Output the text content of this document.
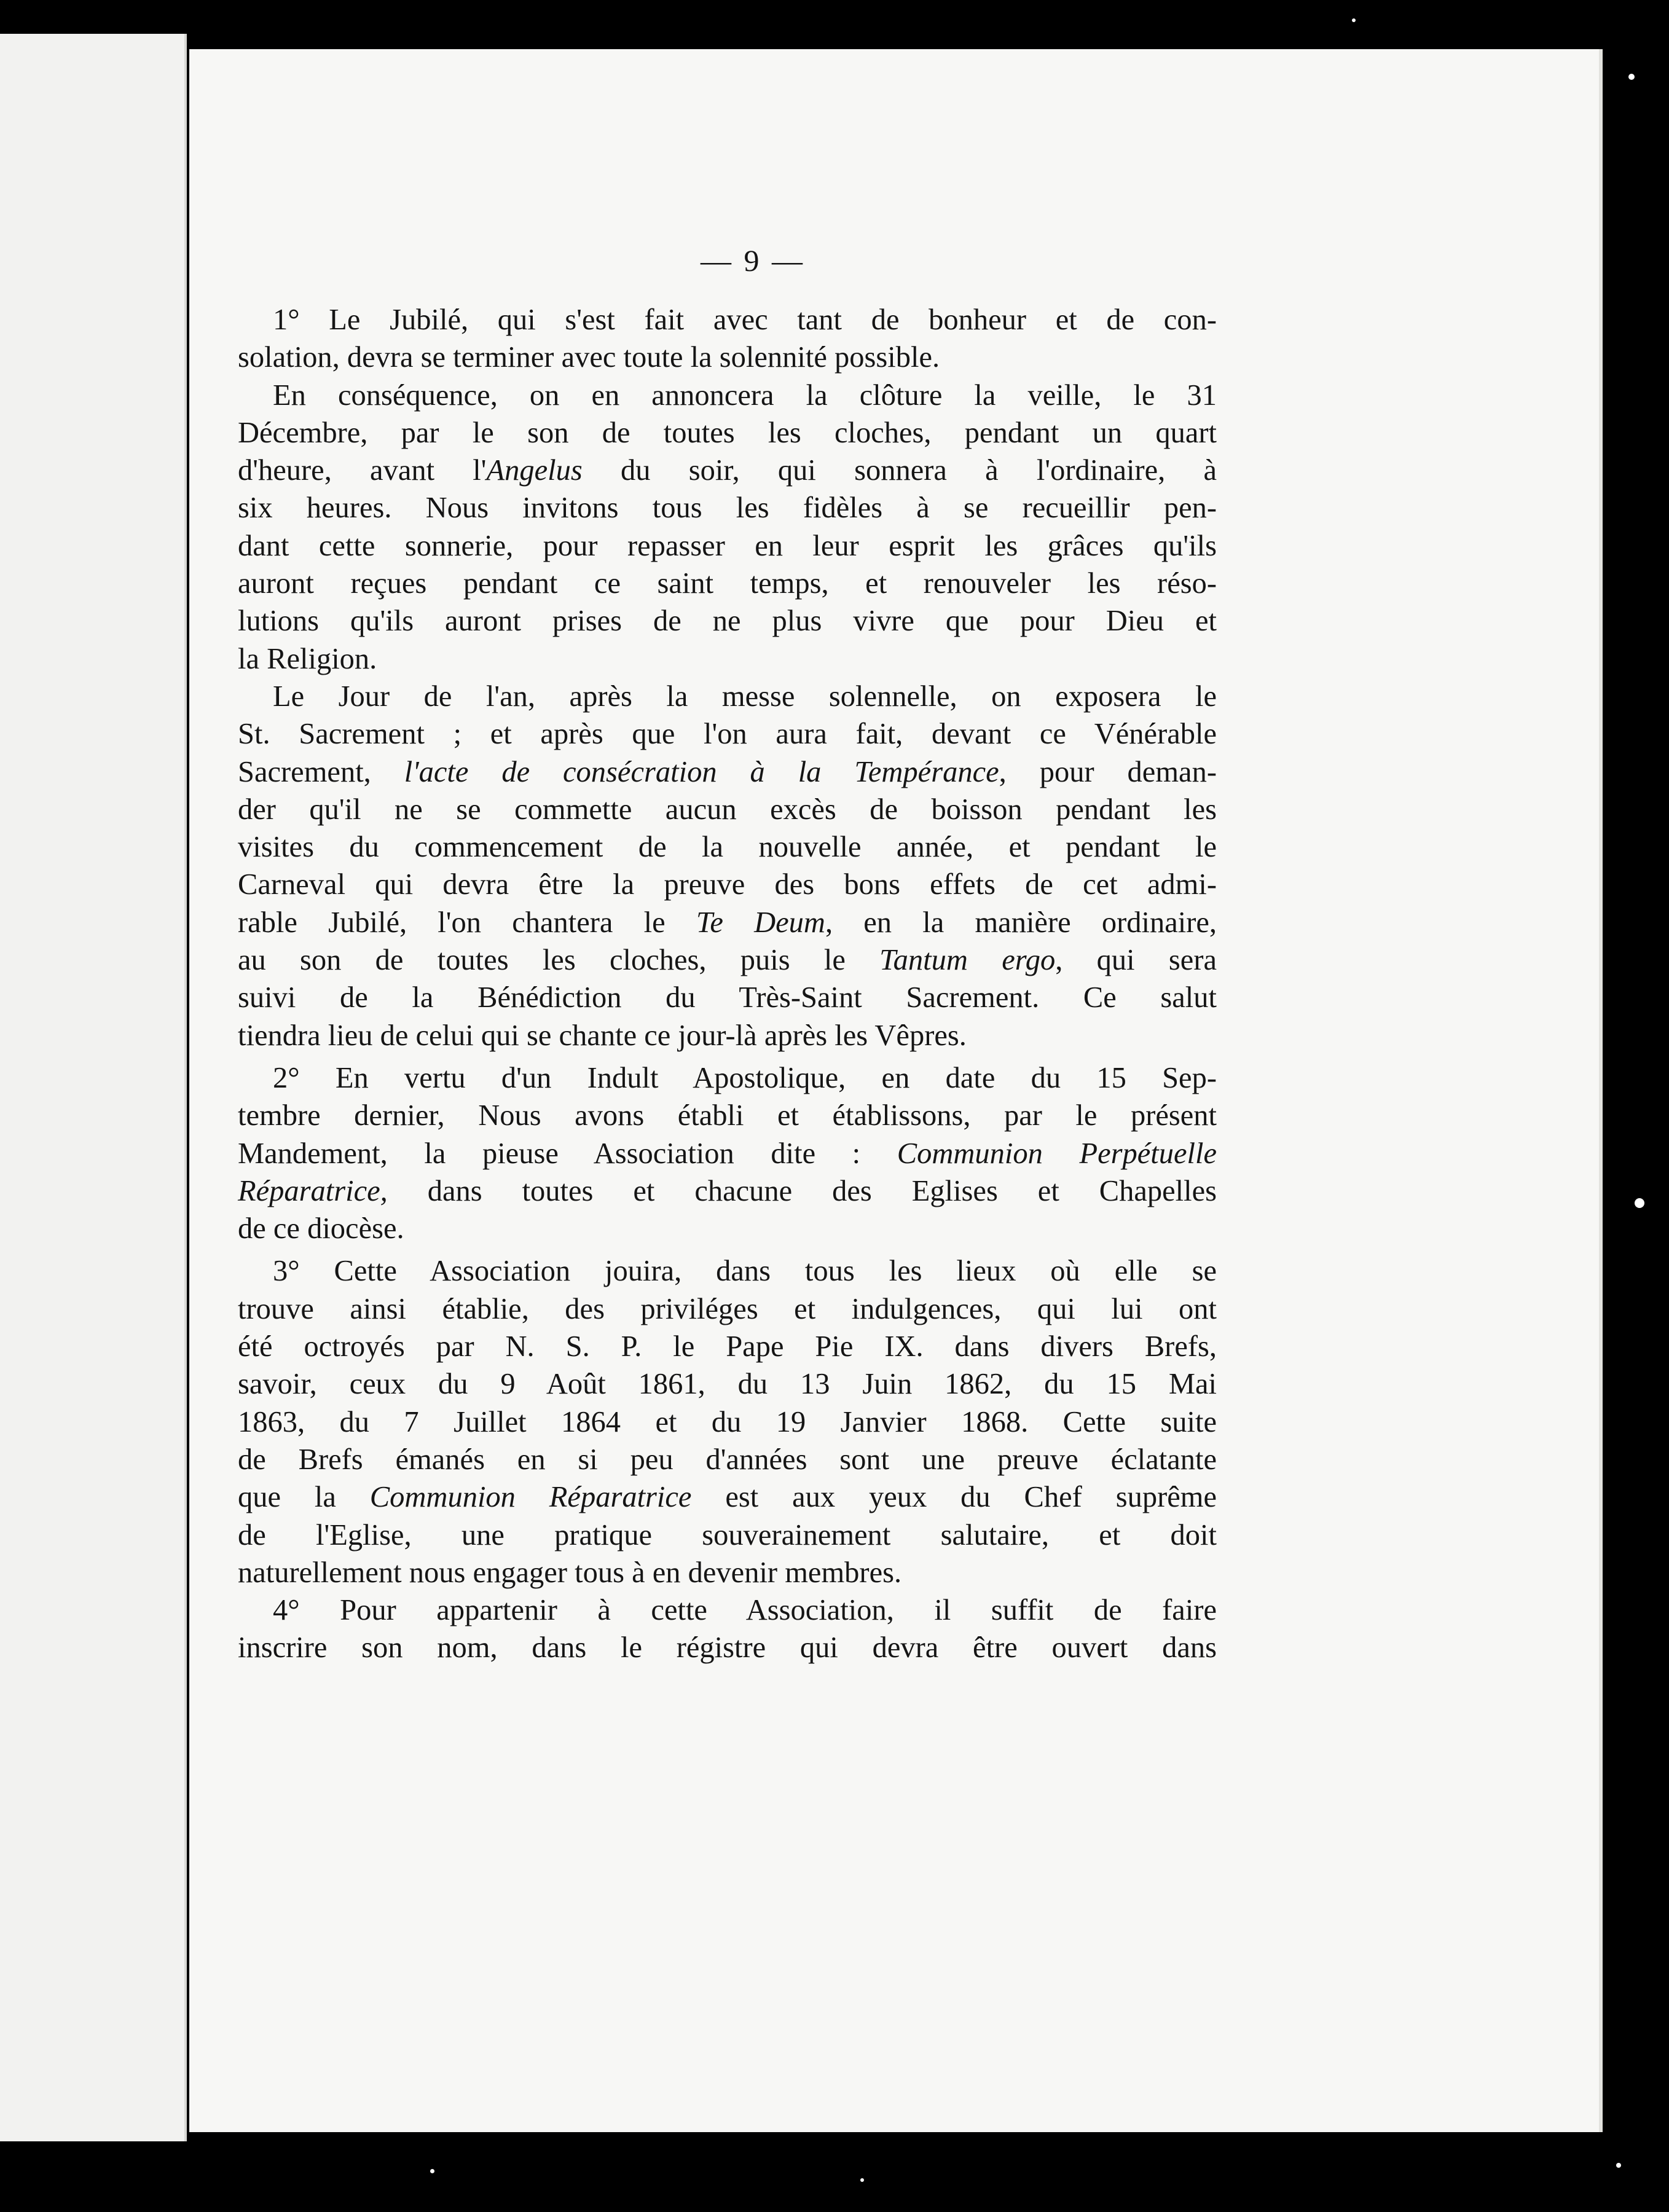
— 9 —

1° Le Jubilé, qui s'est fait avec tant de bonheur et de con-
solation, devra se terminer avec toute la solennité possible.

En conséquence, on en annoncera la clôture la veille, le 31
Décembre, par le son de toutes les cloches, pendant un quart
d'heure, avant l'Angelus du soir, qui sonnera à l'ordinaire, à
six heures. Nous invitons tous les fidèles à se recueillir pen-
dant cette sonnerie, pour repasser en leur esprit les grâces qu'ils
auront reçues pendant ce saint temps, et renouveler les réso-
lutions qu'ils auront prises de ne plus vivre que pour Dieu et
la Religion.

Le Jour de l'an, après la messe solennelle, on exposera le
St. Sacrement ; et après que l'on aura fait, devant ce Vénérable
Sacrement, l'acte de consécration à la Tempérance, pour deman-
der qu'il ne se commette aucun excès de boisson pendant les
visites du commencement de la nouvelle année, et pendant le
Carneval qui devra être la preuve des bons effets de cet admi-
rable Jubilé, l'on chantera le Te Deum, en la manière ordinaire,
au son de toutes les cloches, puis le Tantum ergo, qui sera
suivi de la Bénédiction du Très-Saint Sacrement. Ce salut
tiendra lieu de celui qui se chante ce jour-là après les Vêpres.

2° En vertu d'un Indult Apostolique, en date du 15 Sep-
tembre dernier, Nous avons établi et établissons, par le présent
Mandement, la pieuse Association dite : Communion Perpétuelle
Réparatrice, dans toutes et chacune des Eglises et Chapelles
de ce diocèse.

3° Cette Association jouira, dans tous les lieux où elle se
trouve ainsi établie, des priviléges et indulgences, qui lui ont
été octroyés par N. S. P. le Pape Pie IX. dans divers Brefs,
savoir, ceux du 9 Août 1861, du 13 Juin 1862, du 15 Mai
1863, du 7 Juillet 1864 et du 19 Janvier 1868. Cette suite
de Brefs émanés en si peu d'années sont une preuve éclatante
que la Communion Réparatrice est aux yeux du Chef suprême
de l'Eglise, une pratique souverainement salutaire, et doit
naturellement nous engager tous à en devenir membres.

4° Pour appartenir à cette Association, il suffit de faire
inscrire son nom, dans le régistre qui devra être ouvert dans
